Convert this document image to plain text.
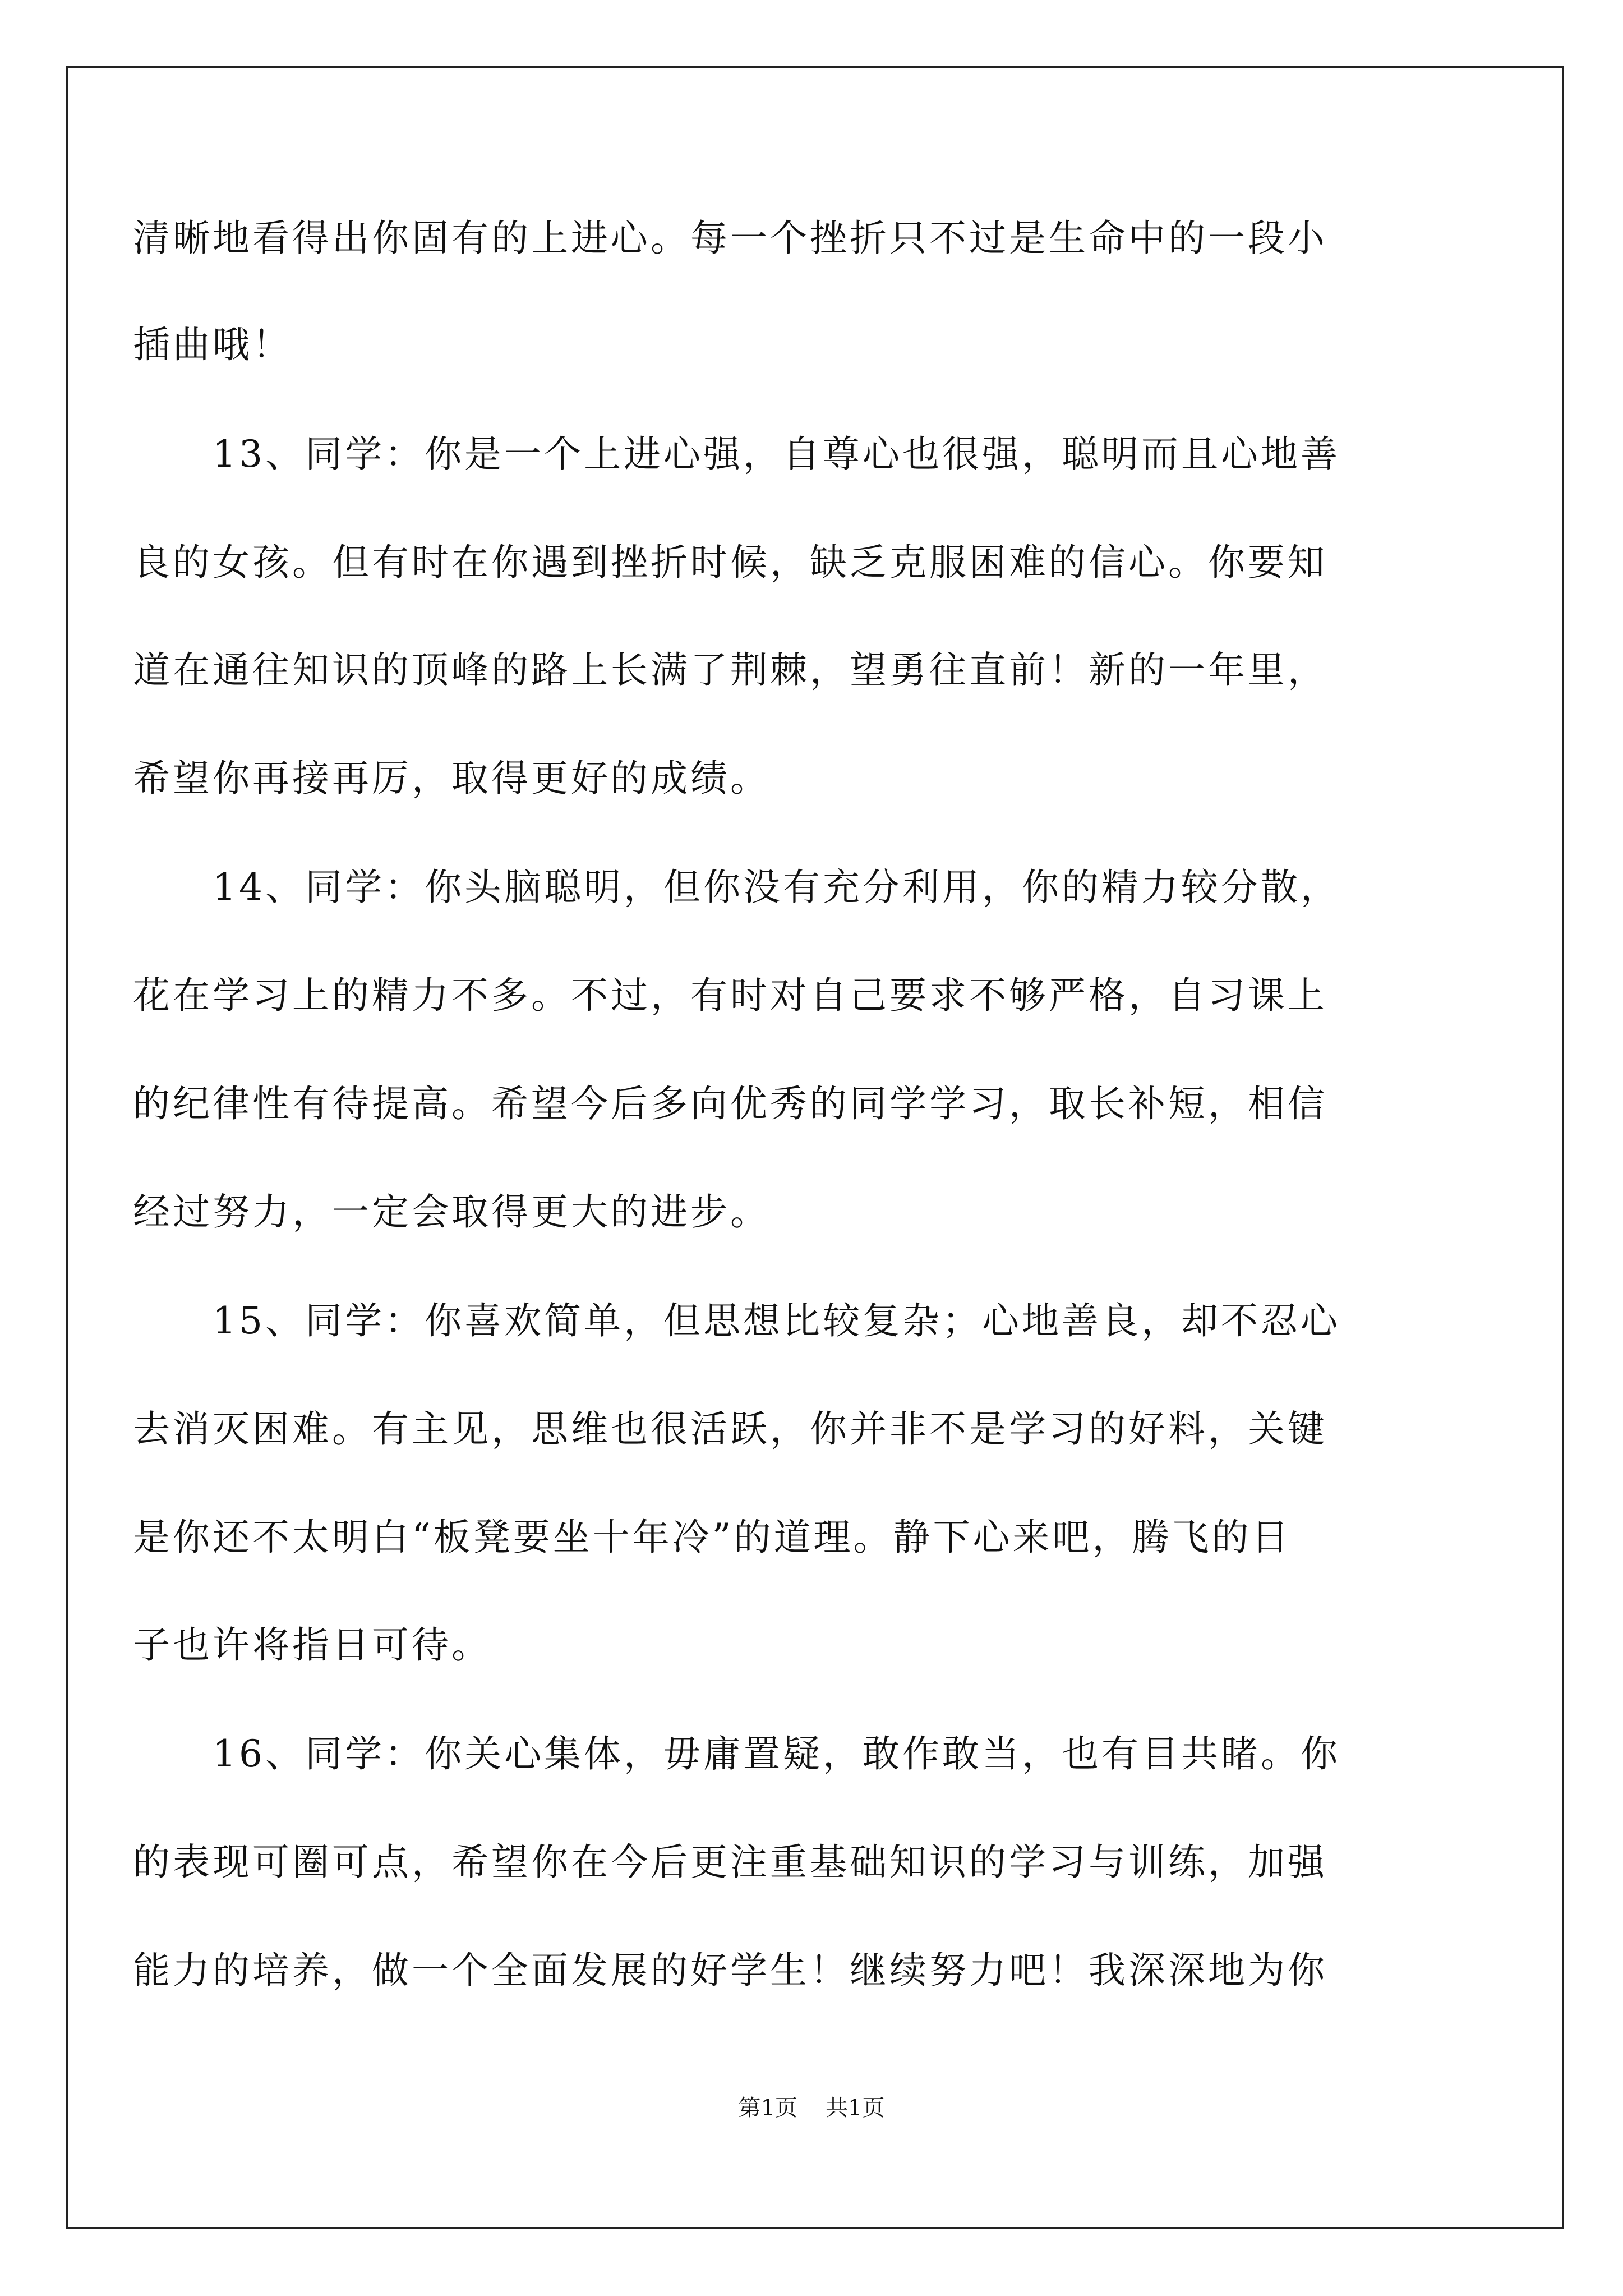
清晰地看得出你固有的上进心。每一个挫折只不过是生命中的一段小
插曲哦！
　　13、同学：你是一个上进心强，自尊心也很强，聪明而且心地善
良的女孩。但有时在你遇到挫折时候，缺乏克服困难的信心。你要知
道在通往知识的顶峰的路上长满了荆棘，望勇往直前！新的一年里，
希望你再接再厉，取得更好的成绩。
　　14、同学：你头脑聪明，但你没有充分利用，你的精力较分散，
花在学习上的精力不多。不过，有时对自己要求不够严格，自习课上
的纪律性有待提高。希望今后多向优秀的同学学习，取长补短，相信
经过努力，一定会取得更大的进步。
　　15、同学：你喜欢简单，但思想比较复杂；心地善良，却不忍心
去消灭困难。有主见，思维也很活跃，你并非不是学习的好料，关键
是你还不太明白“板凳要坐十年冷”的道理。静下心来吧，腾飞的日
子也许将指日可待。
　　16、同学：你关心集体，毋庸置疑，敢作敢当，也有目共睹。你
的表现可圈可点，希望你在今后更注重基础知识的学习与训练，加强
能力的培养，做一个全面发展的好学生！继续努力吧！我深深地为你
第1页 共1页
